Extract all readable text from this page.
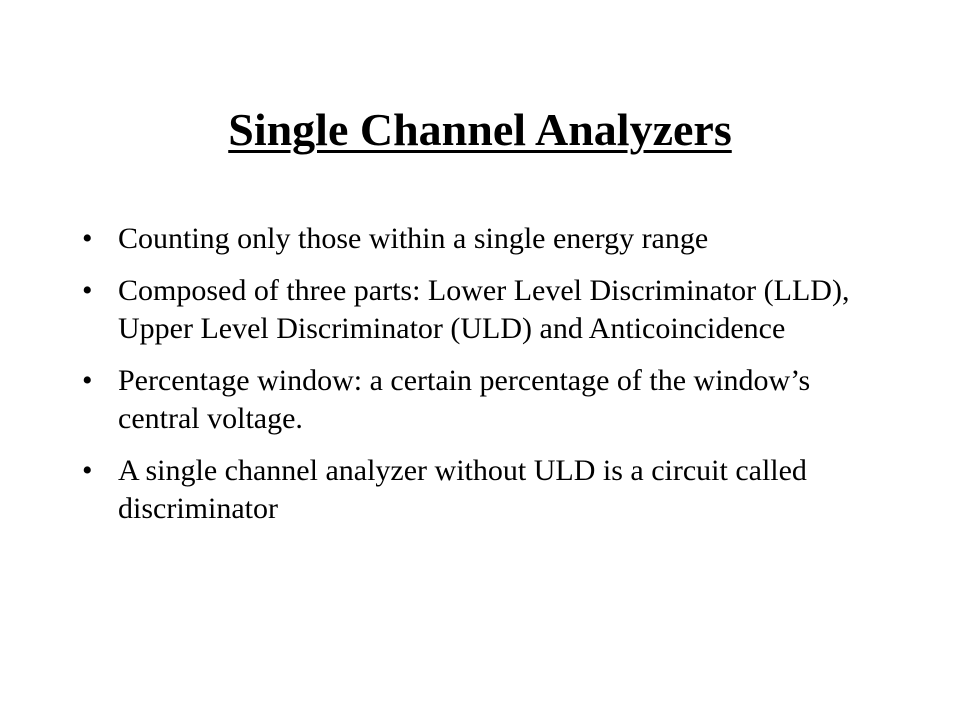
Single Channel Analyzers
• Counting only those within a single energy range
• Composed of three parts: Lower Level Discriminator (LLD), Upper Level Discriminator (ULD) and Anticoincidence
• Percentage window: a certain percentage of the window’s central voltage.
• A single channel analyzer without ULD is a circuit called discriminator
